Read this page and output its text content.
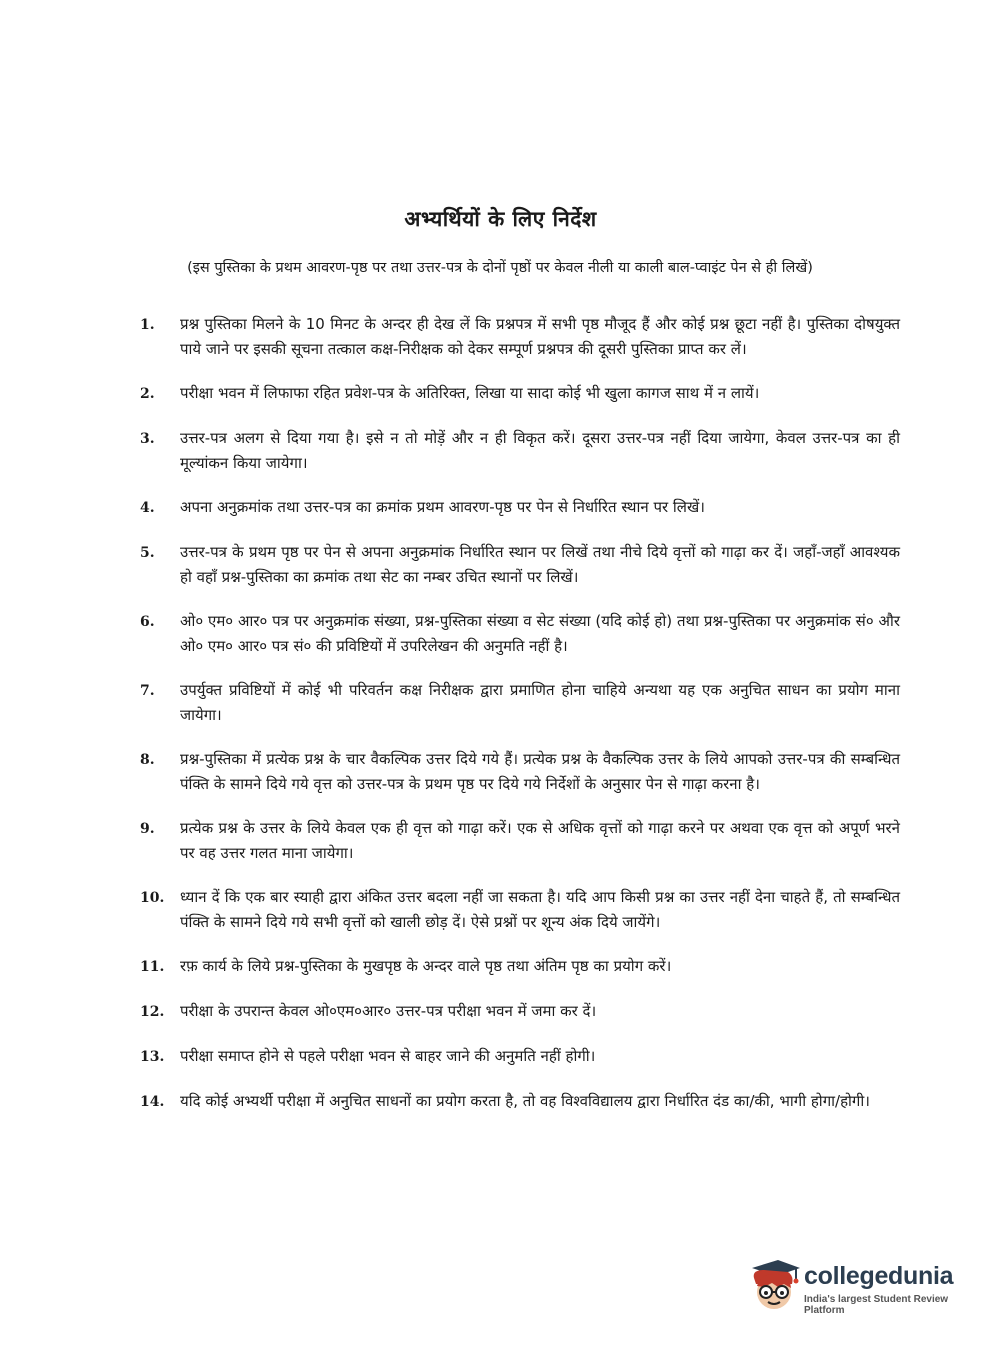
अभ्यर्थियों के लिए निर्देश
(इस पुस्तिका के प्रथम आवरण-पृष्ठ पर तथा उत्तर-पत्र के दोनों पृष्ठों पर केवल नीली या काली बाल-प्वाइंट पेन से ही लिखें)
1.	प्रश्न पुस्तिका मिलने के 10 मिनट के अन्दर ही देख लें कि प्रश्नपत्र में सभी पृष्ठ मौजूद हैं और कोई प्रश्न छूटा नहीं है। पुस्तिका दोषयुक्त पाये जाने पर इसकी सूचना तत्काल कक्ष-निरीक्षक को देकर सम्पूर्ण प्रश्नपत्र की दूसरी पुस्तिका प्राप्त कर लें।
2.	परीक्षा भवन में लिफाफा रहित प्रवेश-पत्र के अतिरिक्त, लिखा या सादा कोई भी खुला कागज साथ में न लायें।
3.	उत्तर-पत्र अलग से दिया गया है। इसे न तो मोड़ें और न ही विकृत करें। दूसरा उत्तर-पत्र नहीं दिया जायेगा, केवल उत्तर-पत्र का ही मूल्यांकन किया जायेगा।
4.	अपना अनुक्रमांक तथा उत्तर-पत्र का क्रमांक प्रथम आवरण-पृष्ठ पर पेन से निर्धारित स्थान पर लिखें।
5.	उत्तर-पत्र के प्रथम पृष्ठ पर पेन से अपना अनुक्रमांक निर्धारित स्थान पर लिखें तथा नीचे दिये वृत्तों को गाढ़ा कर दें। जहाँ-जहाँ आवश्यक हो वहाँ प्रश्न-पुस्तिका का क्रमांक तथा सेट का नम्बर उचित स्थानों पर लिखें।
6.	ओ० एम० आर० पत्र पर अनुक्रमांक संख्या, प्रश्न-पुस्तिका संख्या व सेट संख्या (यदि कोई हो) तथा प्रश्न-पुस्तिका पर अनुक्रमांक सं० और ओ० एम० आर० पत्र सं० की प्रविष्टियों में उपरिलेखन की अनुमति नहीं है।
7.	उपर्युक्त प्रविष्टियों में कोई भी परिवर्तन कक्ष निरीक्षक द्वारा प्रमाणित होना चाहिये अन्यथा यह एक अनुचित साधन का प्रयोग माना जायेगा।
8.	प्रश्न-पुस्तिका में प्रत्येक प्रश्न के चार वैकल्पिक उत्तर दिये गये हैं। प्रत्येक प्रश्न के वैकल्पिक उत्तर के लिये आपको उत्तर-पत्र की सम्बन्धित पंक्ति के सामने दिये गये वृत्त को उत्तर-पत्र के प्रथम पृष्ठ पर दिये गये निर्देशों के अनुसार पेन से गाढ़ा करना है।
9.	प्रत्येक प्रश्न के उत्तर के लिये केवल एक ही वृत्त को गाढ़ा करें। एक से अधिक वृत्तों को गाढ़ा करने पर अथवा एक वृत्त को अपूर्ण भरने पर वह उत्तर गलत माना जायेगा।
10.	ध्यान दें कि एक बार स्याही द्वारा अंकित उत्तर बदला नहीं जा सकता है। यदि आप किसी प्रश्न का उत्तर नहीं देना चाहते हैं, तो सम्बन्धित पंक्ति के सामने दिये गये सभी वृत्तों को खाली छोड़ दें। ऐसे प्रश्नों पर शून्य अंक दिये जायेंगे।
11.	रफ़ कार्य के लिये प्रश्न-पुस्तिका के मुखपृष्ठ के अन्दर वाले पृष्ठ तथा अंतिम पृष्ठ का प्रयोग करें।
12.	परीक्षा के उपरान्त केवल ओ०एम०आर० उत्तर-पत्र परीक्षा भवन में जमा कर दें।
13.	परीक्षा समाप्त होने से पहले परीक्षा भवन से बाहर जाने की अनुमति नहीं होगी।
14.	यदि कोई अभ्यर्थी परीक्षा में अनुचित साधनों का प्रयोग करता है, तो वह विश्वविद्यालय द्वारा निर्धारित दंड का/की, भागी होगा/होगी।
collegedunia
India's largest Student Review Platform
